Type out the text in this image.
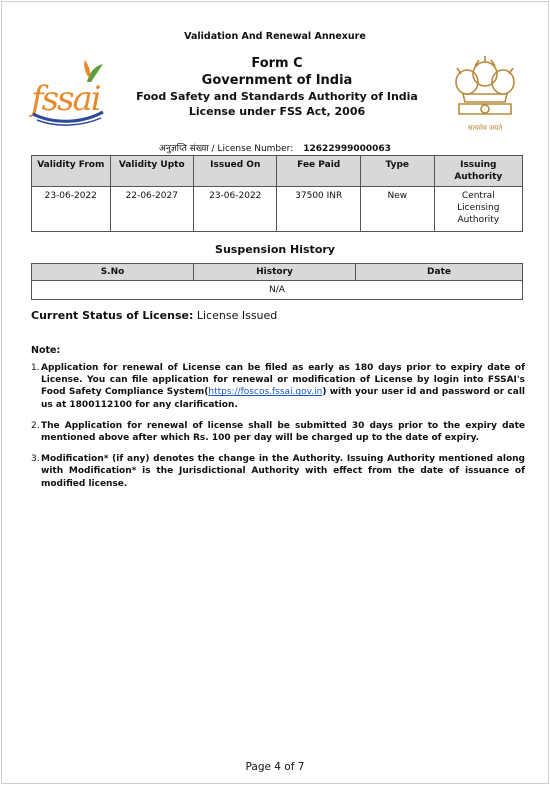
Validation And Renewal Annexure
fssai
Form C
Government of India
Food Safety and Standards Authority of India
License under FSS Act, 2006
सत्यमेव जयते
अनुज्ञप्ति संख्या / License Number: 12622999000063
Validity From	Validity Upto	Issued On	Fee Paid	Type	Issuing Authority
23-06-2022	22-06-2027	23-06-2022	37500 INR	New	Central Licensing Authority
Suspension History
S.No	History	Date
N/A
Current Status of License: License Issued
Note:
1. Application for renewal of License can be filed as early as 180 days prior to expiry date of License. You can file application for renewal or modification of License by login into FSSAI's Food Safety Compliance System(https://foscos.fssai.gov.in) with your user id and password or call us at 1800112100 for any clarification.
2. The Application for renewal of license shall be submitted 30 days prior to the expiry date mentioned above after which Rs. 100 per day will be charged up to the date of expiry.
3. Modification* (if any) denotes the change in the Authority. Issuing Authority mentioned along with Modification* is the Jurisdictional Authority with effect from the date of issuance of modified license.
Page 4 of 7
